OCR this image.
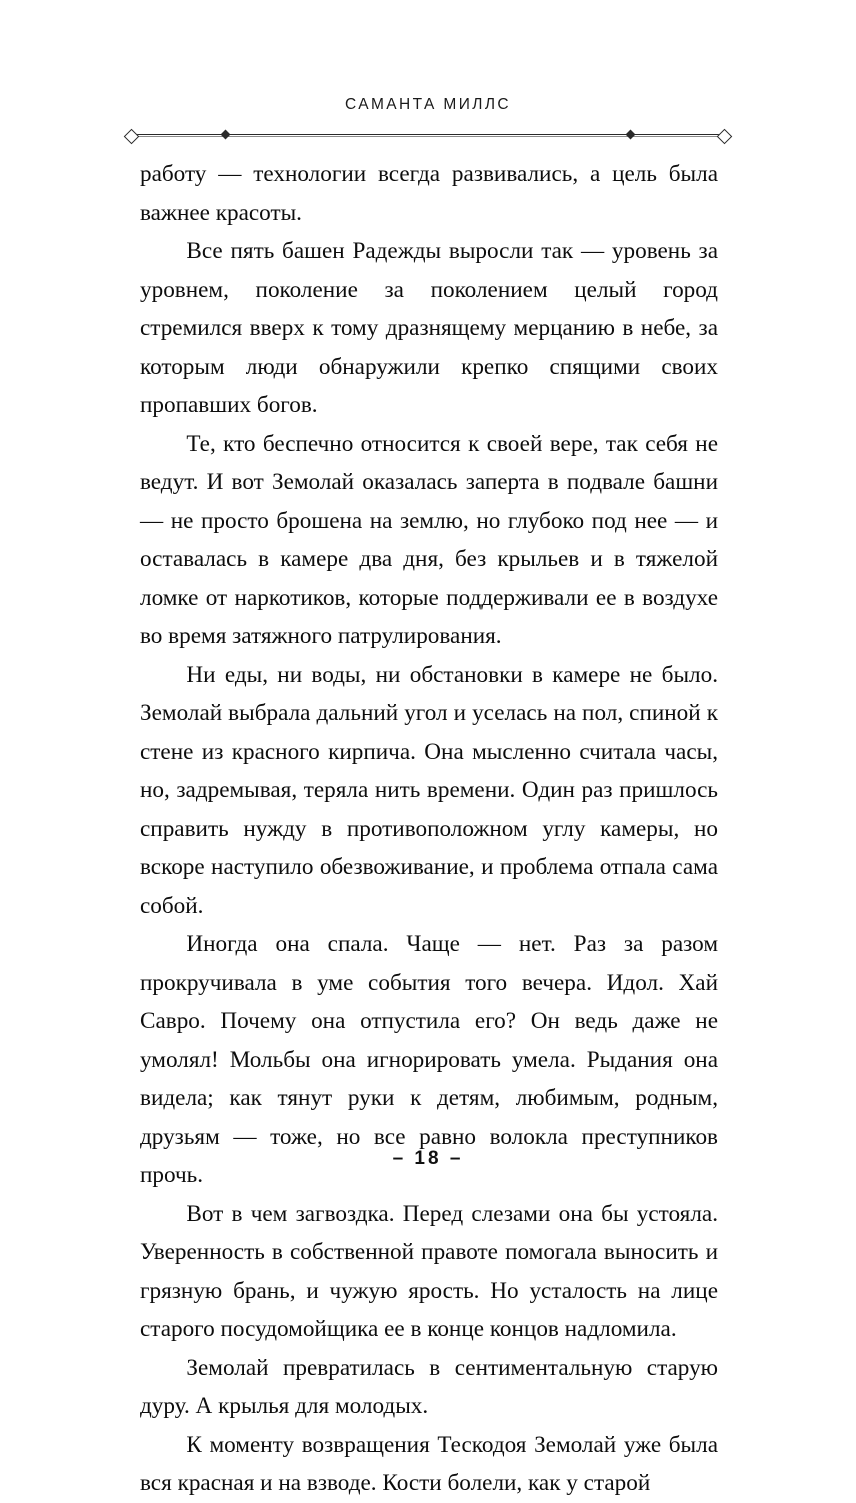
САМАНТА МИЛЛС

работу — технологии всегда развивались, а цель была важнее красоты.

Все пять башен Радежды выросли так — уровень за уровнем, поколение за поколением целый город стремился вверх к тому дразнящему мерцанию в небе, за которым люди обнаружили крепко спящими своих пропавших богов.

Те, кто беспечно относится к своей вере, так себя не ведут. И вот Земолай оказалась заперта в подвале башни — не просто брошена на землю, но глубоко под нее — и оставалась в камере два дня, без крыльев и в тяжелой ломке от наркотиков, которые поддерживали ее в воздухе во время затяжного патрулирования.

Ни еды, ни воды, ни обстановки в камере не было. Земолай выбрала дальний угол и уселась на пол, спиной к стене из красного кирпича. Она мысленно считала часы, но, задремывая, теряла нить времени. Один раз пришлось справить нужду в противоположном углу камеры, но вскоре наступило обезвоживание, и проблема отпала сама собой.

Иногда она спала. Чаще — нет. Раз за разом прокручивала в уме события того вечера. Идол. Хай Савро. Почему она отпустила его? Он ведь даже не умолял! Мольбы она игнорировать умела. Рыдания она видела; как тянут руки к детям, любимым, родным, друзьям — тоже, но все равно волокла преступников прочь.

Вот в чем загвоздка. Перед слезами она бы устояла. Уверенность в собственной правоте помогала выносить и грязную брань, и чужую ярость. Но усталость на лице старого посудомойщика ее в конце концов надломила.

Земолай превратилась в сентиментальную старую дуру. А крылья для молодых.

К моменту возвращения Тескодоя Земолай уже была вся красная и на взводе. Кости болели, как у старой

– 18 –
